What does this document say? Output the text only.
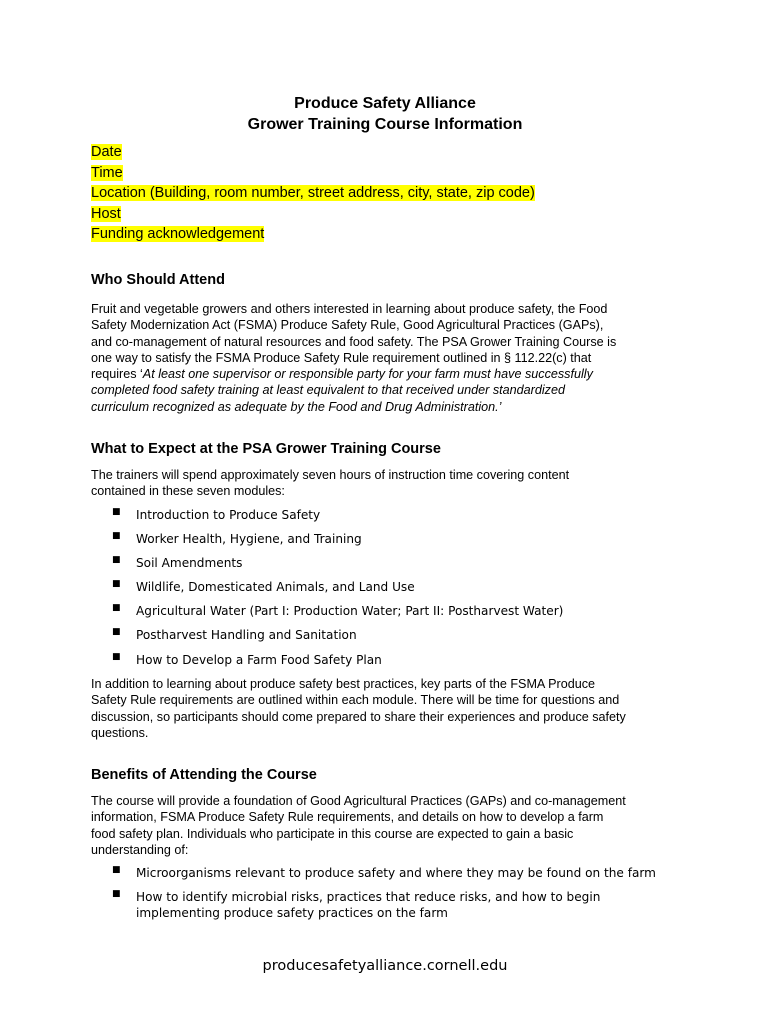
Produce Safety Alliance
Grower Training Course Information
Date
Time
Location (Building, room number, street address, city, state, zip code)
Host
Funding acknowledgement
Who Should Attend
Fruit and vegetable growers and others interested in learning about produce safety, the Food
Safety Modernization Act (FSMA) Produce Safety Rule, Good Agricultural Practices (GAPs),
and co-management of natural resources and food safety. The PSA Grower Training Course is
one way to satisfy the FSMA Produce Safety Rule requirement outlined in § 112.22(c) that
requires ‘At least one supervisor or responsible party for your farm must have successfully
completed food safety training at least equivalent to that received under standardized
curriculum recognized as adequate by the Food and Drug Administration.’
What to Expect at the PSA Grower Training Course
The trainers will spend approximately seven hours of instruction time covering content
contained in these seven modules:
■ Introduction to Produce Safety
■ Worker Health, Hygiene, and Training
■ Soil Amendments
■ Wildlife, Domesticated Animals, and Land Use
■ Agricultural Water (Part I: Production Water; Part II: Postharvest Water)
■ Postharvest Handling and Sanitation
■ How to Develop a Farm Food Safety Plan
In addition to learning about produce safety best practices, key parts of the FSMA Produce
Safety Rule requirements are outlined within each module. There will be time for questions and
discussion, so participants should come prepared to share their experiences and produce safety
questions.
Benefits of Attending the Course
The course will provide a foundation of Good Agricultural Practices (GAPs) and co-management
information, FSMA Produce Safety Rule requirements, and details on how to develop a farm
food safety plan. Individuals who participate in this course are expected to gain a basic
understanding of:
■ Microorganisms relevant to produce safety and where they may be found on the farm
■ How to identify microbial risks, practices that reduce risks, and how to begin
implementing produce safety practices on the farm
producesafetyalliance.cornell.edu
